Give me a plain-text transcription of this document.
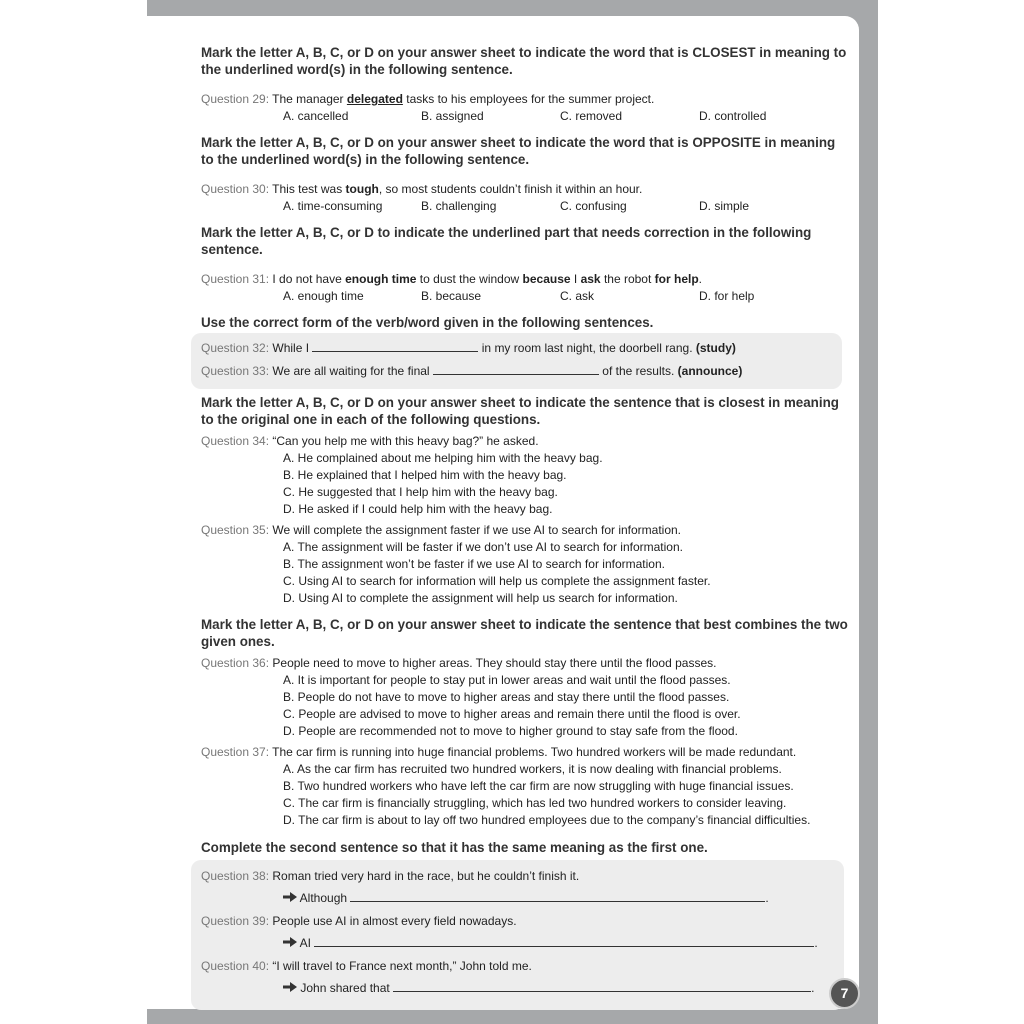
Mark the letter A, B, C, or D on your answer sheet to indicate the word that is CLOSEST in meaning to the underlined word(s) in the following sentence.

Question 29: The manager delegated tasks to his employees for the summer project.

A. cancelled	B. assigned	C. removed	D. controlled

Mark the letter A, B, C, or D on your answer sheet to indicate the word that is OPPOSITE in meaning to the underlined word(s) in the following sentence.

Question 30: This test was tough, so most students couldn’t finish it within an hour.

A. time-consuming	B. challenging	C. confusing	D. simple

Mark the letter A, B, C, or D to indicate the underlined part that needs correction in the following sentence.

Question 31: I do not have enough time to dust the window because I ask the robot for help.

A. enough time	B. because	C. ask	D. for help

Use the correct form of the verb/word given in the following sentences.

Question 32: While I	in my room last night, the doorbell rang. (study)

Question 33: We are all waiting for the final	of the results. (announce)

Mark the letter A, B, C, or D on your answer sheet to indicate the sentence that is closest in meaning to the original one in each of the following questions.

Question 34: “Can you help me with this heavy bag?” he asked.

A. He complained about me helping him with the heavy bag.
B. He explained that I helped him with the heavy bag.
C. He suggested that I help him with the heavy bag.
D. He asked if I could help him with the heavy bag.

Question 35: We will complete the assignment faster if we use AI to search for information.

A. The assignment will be faster if we don’t use AI to search for information.
B. The assignment won’t be faster if we use AI to search for information.
C. Using AI to search for information will help us complete the assignment faster.
D. Using AI to complete the assignment will help us search for information.

Mark the letter A, B, C, or D on your answer sheet to indicate the sentence that best combines the two given ones.

Question 36: People need to move to higher areas. They should stay there until the flood passes.

A. It is important for people to stay put in lower areas and wait until the flood passes.
B. People do not have to move to higher areas and stay there until the flood passes.
C. People are advised to move to higher areas and remain there until the flood is over.
D. People are recommended not to move to higher ground to stay safe from the flood.

Question 37: The car firm is running into huge financial problems. Two hundred workers will be made redundant.

A. As the car firm has recruited two hundred workers, it is now dealing with financial problems.
B. Two hundred workers who have left the car firm are now struggling with huge financial issues.
C. The car firm is financially struggling, which has led two hundred workers to consider leaving.
D. The car firm is about to lay off two hundred employees due to the company’s financial difficulties.

Complete the second sentence so that it has the same meaning as the first one.

Question 38: Roman tried very hard in the race, but he couldn’t finish it.

Although	.

Question 39: People use AI in almost every field nowadays.

AI	.

Question 40: “I will travel to France next month,” John told me.

John shared that	.	7
